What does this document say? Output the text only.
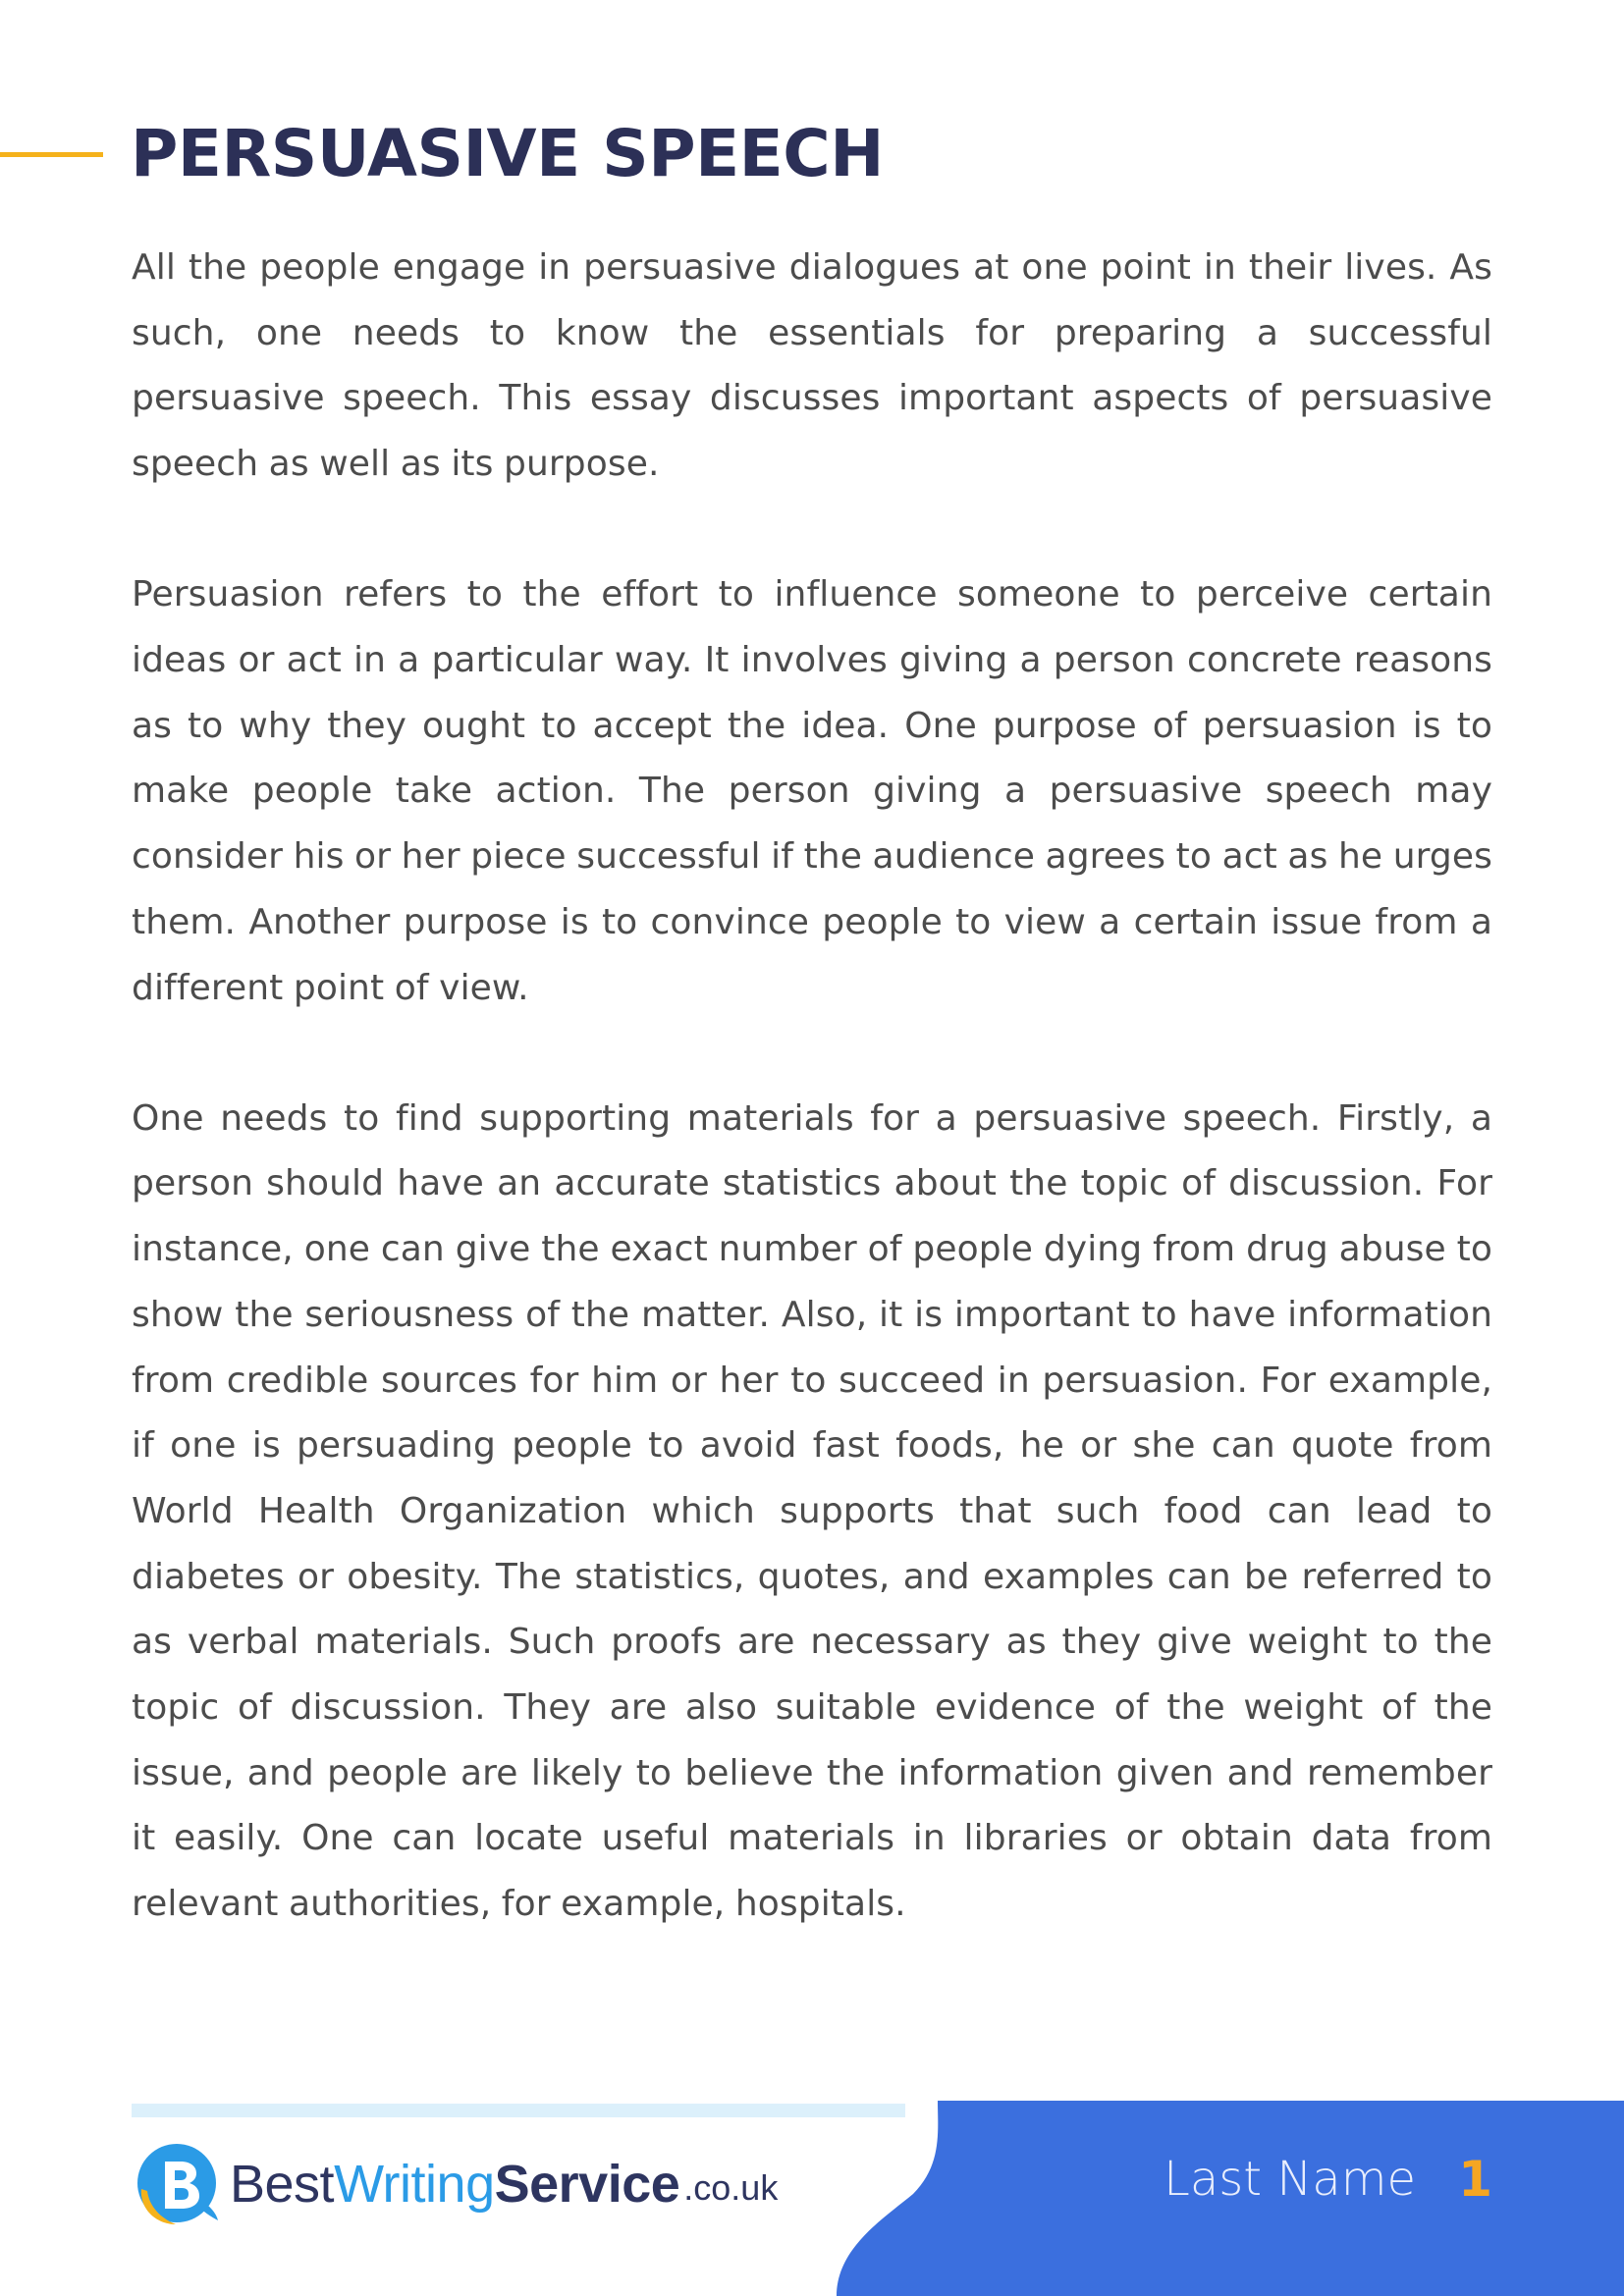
PERSUASIVE SPEECH

All the people engage in persuasive dialogues at one point in their lives. As such, one needs to know the essentials for preparing a successful persuasive speech. This essay discusses important aspects of persuasive speech as well as its purpose.

Persuasion refers to the effort to influence someone to perceive certain ideas or act in a particular way. It involves giving a person concrete reasons as to why they ought to accept the idea. One purpose of persuasion is to make people take action. The person giving a persuasive speech may consider his or her piece successful if the audience agrees to act as he urges them. Another purpose is to convince people to view a certain issue from a different point of view.

One needs to find supporting materials for a persuasive speech. Firstly, a person should have an accurate statistics about the topic of discussion. For instance, one can give the exact number of people dying from drug abuse to show the seriousness of the matter. Also, it is important to have information from credible sources for him or her to succeed in persuasion. For example, if one is persuading people to avoid fast foods, he or she can quote from World Health Organization which supports that such food can lead to diabetes or obesity. The statistics, quotes, and examples can be referred to as verbal materials. Such proofs are necessary as they give weight to the topic of discussion. They are also suitable evidence of the weight of the issue, and people are likely to believe the information given and remember it easily. One can locate useful materials in libraries or obtain data from relevant authorities, for example, hospitals.

Best Writing Service .co.uk	Last Name 1
